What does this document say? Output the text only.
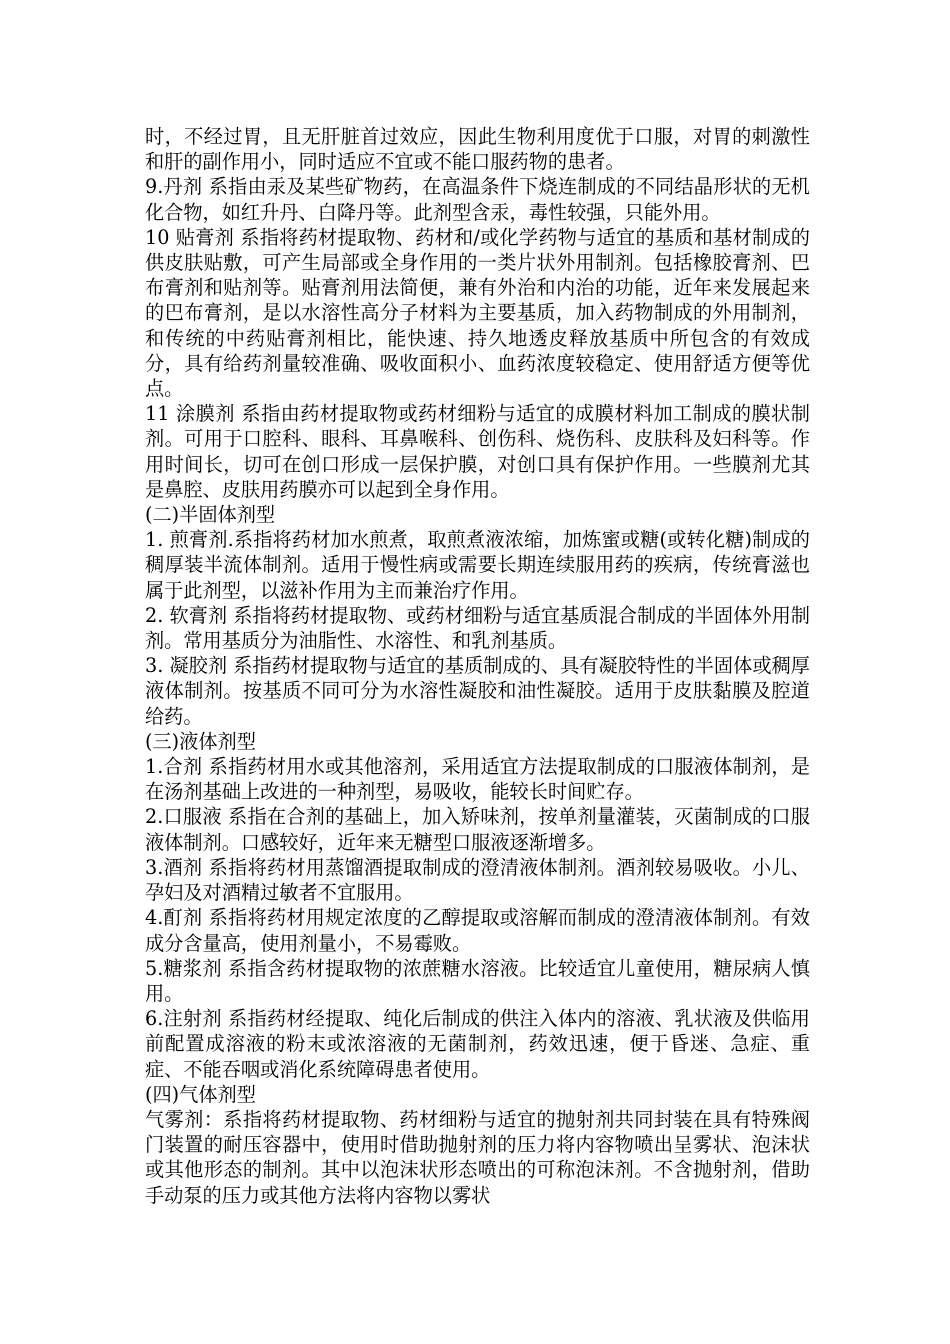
时，不经过胃，且无肝脏首过效应，因此生物利用度优于口服，对胃的刺激性和肝的副作用小，同时适应不宜或不能口服药物的患者。

9.丹剂 系指由汞及某些矿物药，在高温条件下烧连制成的不同结晶形状的无机化合物，如红升丹、白降丹等。此剂型含汞，毒性较强，只能外用。

10 贴膏剂 系指将药材提取物、药材和/或化学药物与适宜的基质和基材制成的供皮肤贴敷，可产生局部或全身作用的一类片状外用制剂。包括橡胶膏剂、巴布膏剂和贴剂等。贴膏剂用法简便，兼有外治和内治的功能，近年来发展起来的巴布膏剂，是以水溶性高分子材料为主要基质，加入药物制成的外用制剂，和传统的中药贴膏剂相比，能快速、持久地透皮释放基质中所包含的有效成分，具有给药剂量较准确、吸收面积小、血药浓度较稳定、使用舒适方便等优点。

11 涂膜剂 系指由药材提取物或药材细粉与适宜的成膜材料加工制成的膜状制剂。可用于口腔科、眼科、耳鼻喉科、创伤科、烧伤科、皮肤科及妇科等。作用时间长，切可在创口形成一层保护膜，对创口具有保护作用。一些膜剂尤其是鼻腔、皮肤用药膜亦可以起到全身作用。

(二)半固体剂型

1. 煎膏剂.系指将药材加水煎煮，取煎煮液浓缩，加炼蜜或糖(或转化糖)制成的稠厚装半流体制剂。适用于慢性病或需要长期连续服用药的疾病，传统膏滋也属于此剂型，以滋补作用为主而兼治疗作用。

2. 软膏剂 系指将药材提取物、或药材细粉与适宜基质混合制成的半固体外用制剂。常用基质分为油脂性、水溶性、和乳剂基质。

3. 凝胶剂 系指药材提取物与适宜的基质制成的、具有凝胶特性的半固体或稠厚液体制剂。按基质不同可分为水溶性凝胶和油性凝胶。适用于皮肤黏膜及腔道给药。

(三)液体剂型

1.合剂 系指药材用水或其他溶剂，采用适宜方法提取制成的口服液体制剂，是在汤剂基础上改进的一种剂型，易吸收，能较长时间贮存。

2.口服液 系指在合剂的基础上，加入矫味剂，按单剂量灌装，灭菌制成的口服液体制剂。口感较好，近年来无糖型口服液逐渐增多。

3.酒剂 系指将药材用蒸馏酒提取制成的澄清液体制剂。酒剂较易吸收。小儿、孕妇及对酒精过敏者不宜服用。

4.酊剂 系指将药材用规定浓度的乙醇提取或溶解而制成的澄清液体制剂。有效成分含量高，使用剂量小，不易霉败。

5.糖浆剂 系指含药材提取物的浓蔗糖水溶液。比较适宜儿童使用，糖尿病人慎用。

6.注射剂 系指药材经提取、纯化后制成的供注入体内的溶液、乳状液及供临用前配置成溶液的粉末或浓溶液的无菌制剂，药效迅速，便于昏迷、急症、重症、不能吞咽或消化系统障碍患者使用。

(四)气体剂型

气雾剂：系指将药材提取物、药材细粉与适宜的抛射剂共同封装在具有特殊阀门装置的耐压容器中，使用时借助抛射剂的压力将内容物喷出呈雾状、泡沫状或其他形态的制剂。其中以泡沫状形态喷出的可称泡沫剂。不含抛射剂，借助手动泵的压力或其他方法将内容物以雾状
